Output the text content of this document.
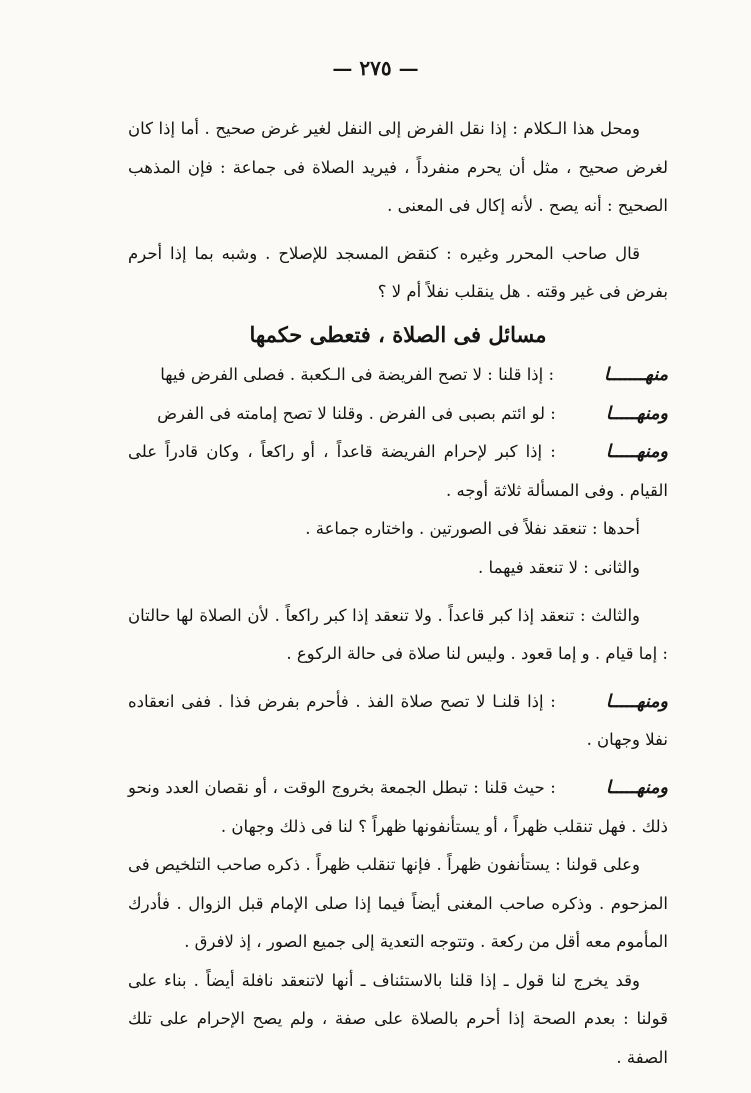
— ٢٧٥ —

ومحل هذا الـكلام : إذا نقل الفرض إلى النفل لغير غرض صحيح . أما إذا كان لغرض صحيح ، مثل أن يحرم منفرداً ، فيريد الصلاة فى جماعة : فإن المذهب الصحيح : أنه يصح . لأنه إكال فى المعنى .

قال صاحب المحرر وغيره : كنقض المسجد للإصلاح . وشبه بما إذا أحرم بفرض فى غير وقته . هل ينقلب نفلاً أم لا ؟

مسائل فى الصلاة ، فتعطى حكمها

منهـــــــا: إذا قلنا : لا تصح الفريضة فى الـكعبة . فصلى الفرض فيها

ومنهـــــا: لو ائتم بصبى فى الفرض . وقلنا لا تصح إمامته فى الفرض

ومنهـــــا: إذا كبر لإحرام الفريضة قاعداً ، أو راكعاً ، وكان قادراً على القيام . وفى المسألة ثلاثة أوجه .

أحدها : تنعقد نفلاً فى الصورتين . واختاره جماعة .

والثانى : لا تنعقد فيهما .

والثالث : تنعقد إذا كبر قاعداً . ولا تنعقد إذا كبر راكعاً . لأن الصلاة لها حالتان : إما قيام . و إما قعود . وليس لنا صلاة فى حالة الركوع .

ومنهـــــا: إذا قلنـا لا تصح صلاة الفذ . فأحرم بفرض فذا . ففى انعقاده نفلا وجهان .

ومنهـــــا: حيث قلنا : تبطل الجمعة بخروج الوقت ، أو نقصان العدد ونحو ذلك . فهل تنقلب ظهراً ، أو يستأنفونها ظهراً ؟ لنا فى ذلك وجهان .

وعلى قولنا : يستأنفون ظهراً . فإنها تنقلب ظهراً . ذكره صاحب التلخيص فى المزحوم . وذكره صاحب المغنى أيضاً فيما إذا صلى الإمام قبل الزوال . فأدرك المأموم معه أقل من ركعة . وتتوجه التعدية إلى جميع الصور ، إذ لافرق .

وقد يخرج لنا قول ـ إذا قلنا بالاستئناف ـ أنها لاتنعقد نافلة أيضاً . بناء على قولنا : بعدم الصحة إذا أحرم بالصلاة على صفة ، ولم يصح الإحرام على تلك الصفة .
